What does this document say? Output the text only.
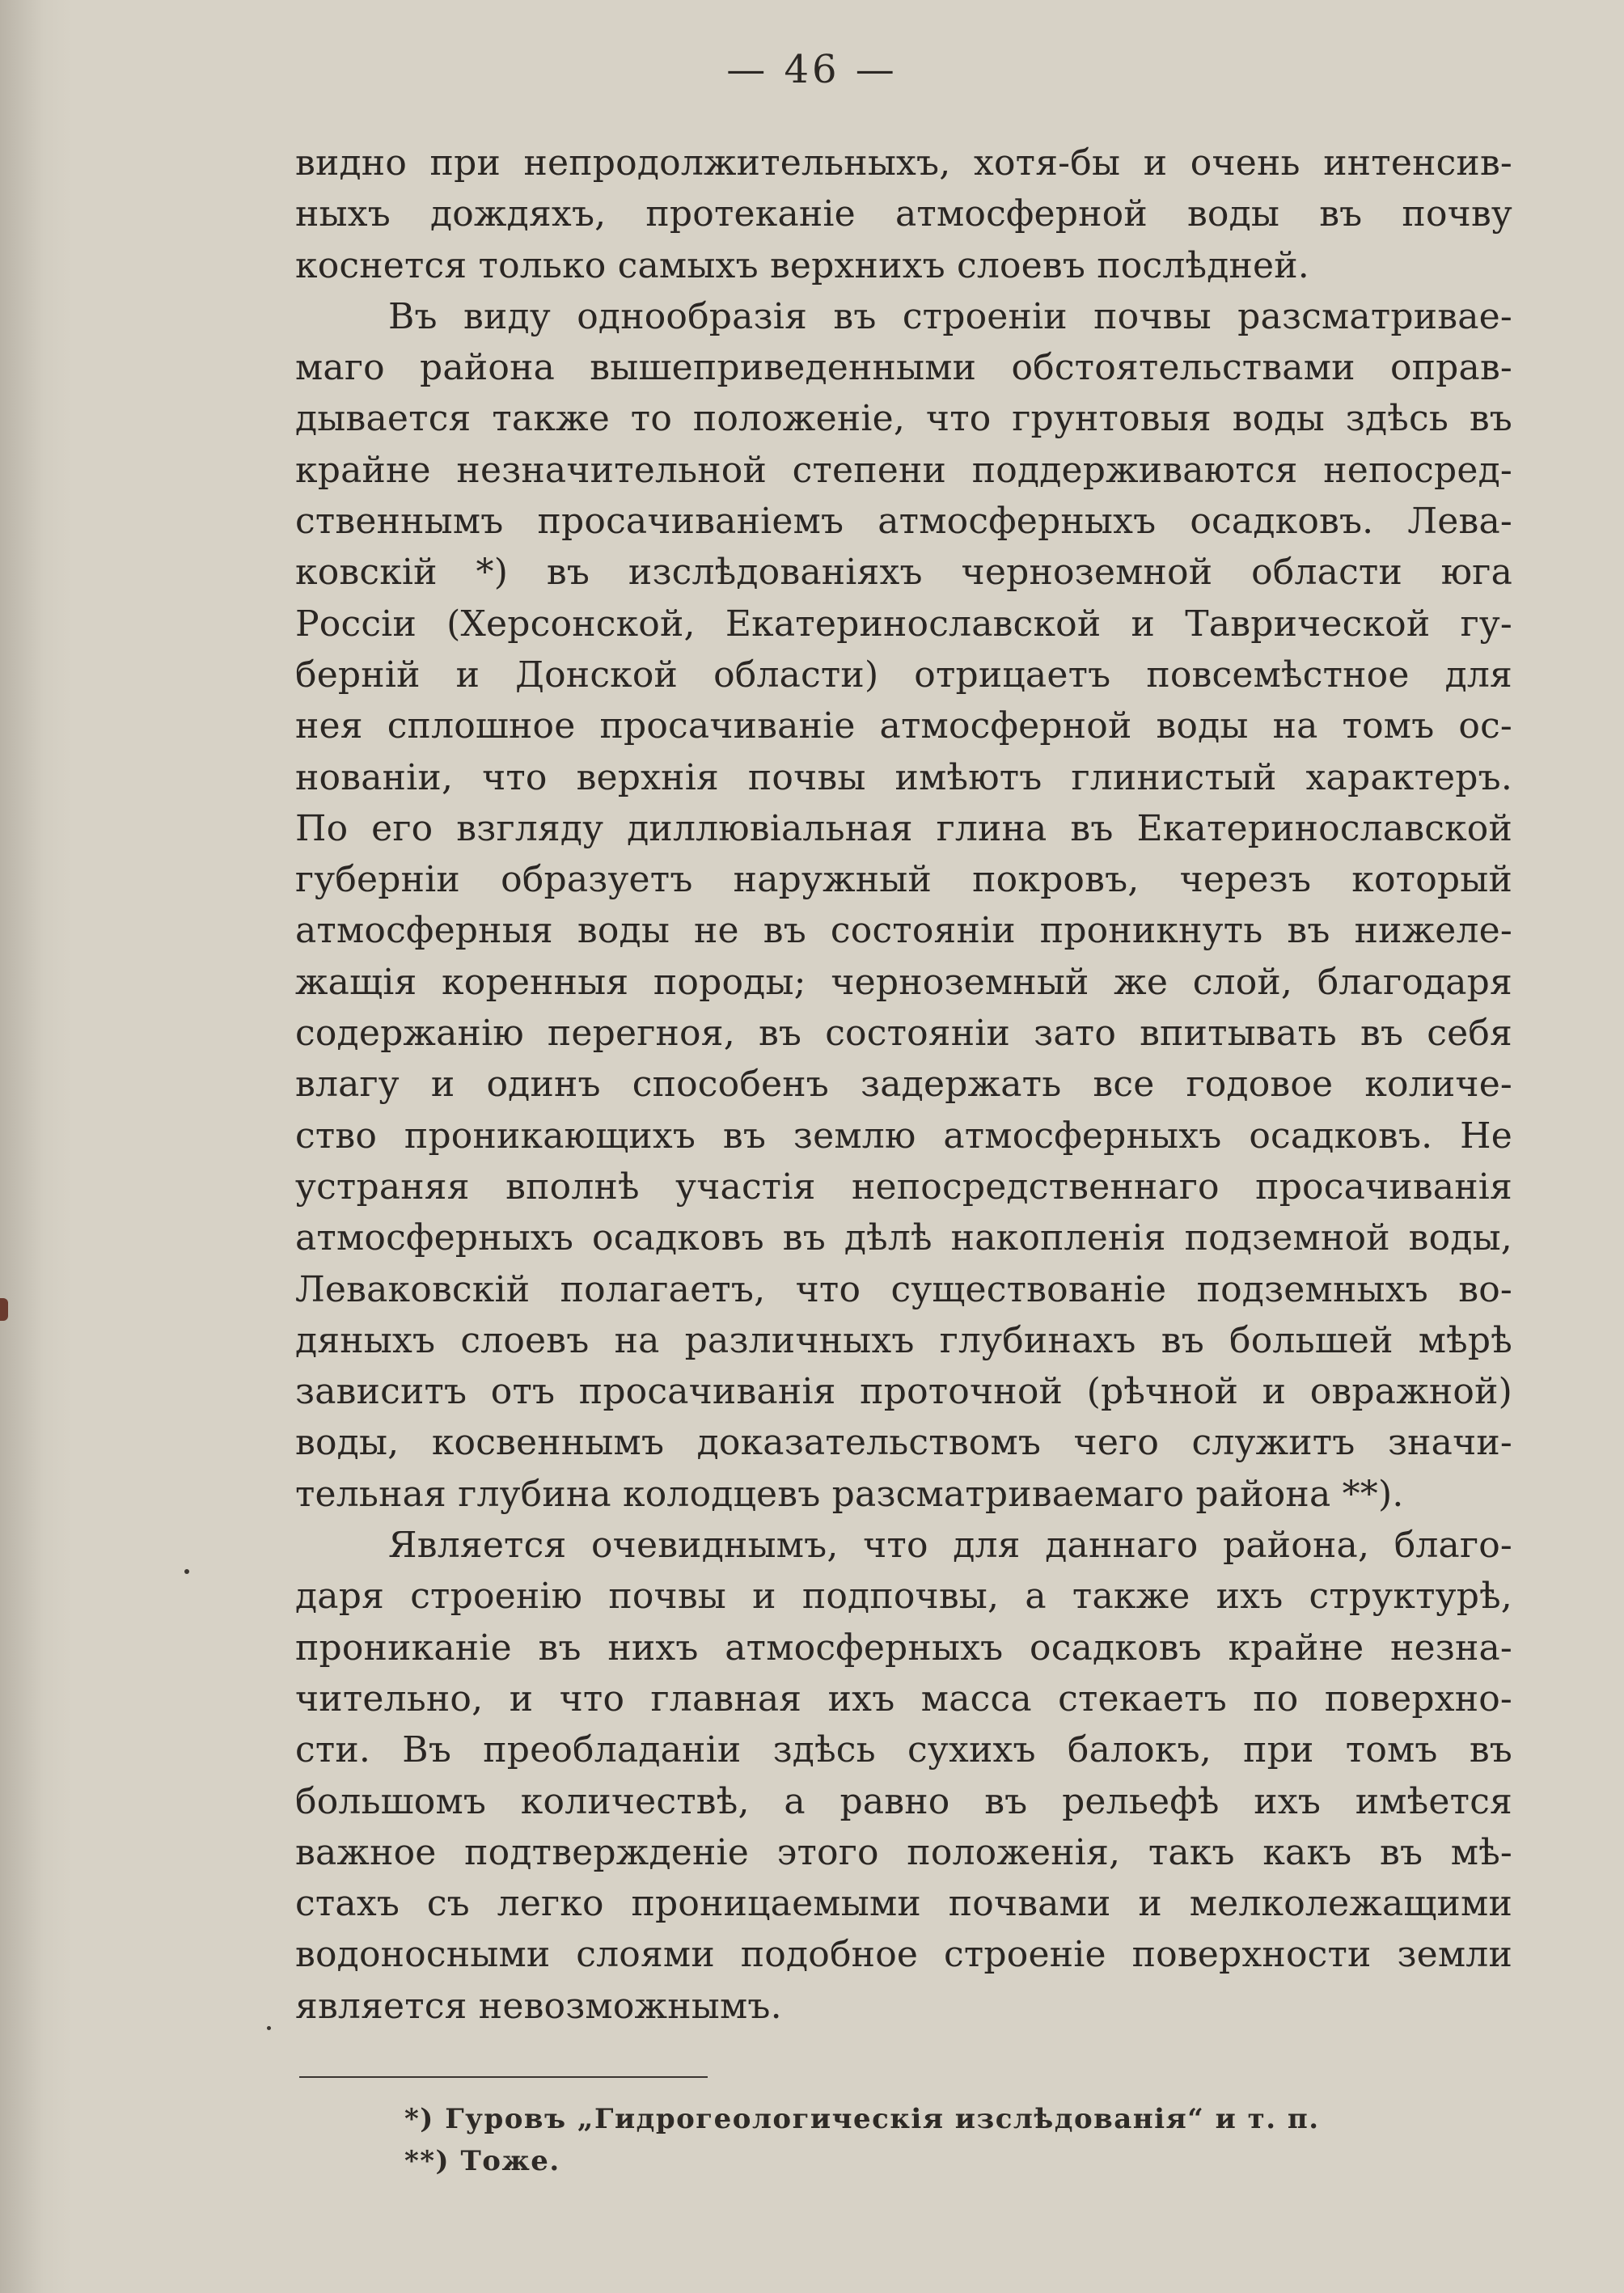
— 46 —
видно при непродолжительныхъ, хотя-бы и очень интенсив-
ныхъ дождяхъ, протеканіе атмосферной воды въ почву
коснется только самыхъ верхнихъ слоевъ послѣдней.
Въ виду однообразія въ строеніи почвы разсматривае-
маго района вышеприведенными обстоятельствами оправ-
дывается также то положеніе, что грунтовыя воды здѣсь въ
крайне незначительной степени поддерживаются непосред-
ственнымъ просачиваніемъ атмосферныхъ осадковъ. Лева-
ковскій *) въ изслѣдованіяхъ черноземной области юга
Россіи (Херсонской, Екатеринославской и Таврической гу-
берній и Донской области) отрицаетъ повсемѣстное для
нея сплошное просачиваніе атмосферной воды на томъ ос-
нованіи, что верхнія почвы имѣютъ глинистый характеръ.
По его взгляду диллювіальная глина въ Екатеринославской
губерніи образуетъ наружный покровъ, черезъ который
атмосферныя воды не въ состояніи проникнуть въ нижеле-
жащія коренныя породы; черноземный же слой, благодаря
содержанію перегноя, въ состояніи зато впитывать въ себя
влагу и одинъ способенъ задержать все годовое количе-
ство проникающихъ въ землю атмосферныхъ осадковъ. Не
устраняя вполнѣ участія непосредственнаго просачиванія
атмосферныхъ осадковъ въ дѣлѣ накопленія подземной воды,
Леваковскій полагаетъ, что существованіе подземныхъ во-
дяныхъ слоевъ на различныхъ глубинахъ въ большей мѣрѣ
зависитъ отъ просачиванія проточной (рѣчной и овражной)
воды, косвеннымъ доказательствомъ чего служитъ значи-
тельная глубина колодцевъ разсматриваемаго района **).
Является очевиднымъ, что для даннаго района, благо-
даря строенію почвы и подпочвы, а также ихъ структурѣ,
прониканіе въ нихъ атмосферныхъ осадковъ крайне незна-
чительно, и что главная ихъ масса стекаетъ по поверхно-
сти. Въ преобладаніи здѣсь сухихъ балокъ, при томъ въ
большомъ количествѣ, а равно въ рельефѣ ихъ имѣется
важное подтвержденіе этого положенія, такъ какъ въ мѣ-
стахъ съ легко проницаемыми почвами и мелколежащими
водоносными слоями подобное строеніе поверхности земли
является невозможнымъ.
*) Гуровъ „Гидрогеологическія изслѣдованія“ и т. п.
**) Тоже.
